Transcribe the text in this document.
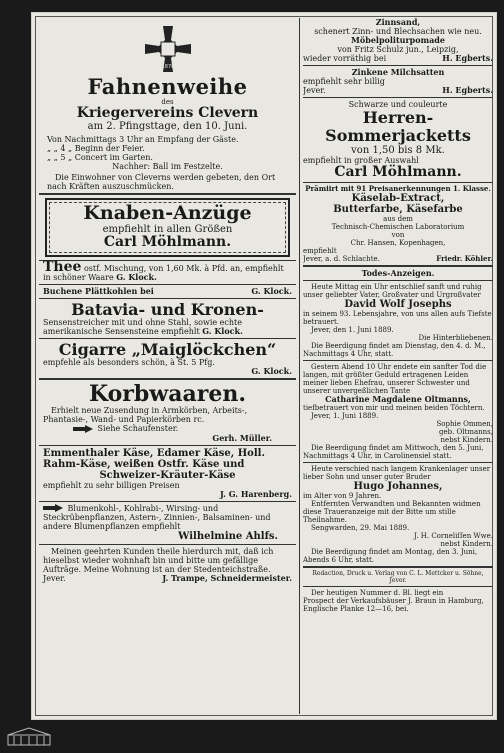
1870
Fahnenweihe
des
Kriegervereins Clevern
am 2. Pfingsttage, den 10. Juni.
Von Nachmittags 3 Uhr an Empfang der Gäste.
„ „ 4 „ Beginn der Feier.
„ „ 5 „ Concert im Garten.
Nachher: Ball im Festzelte.
Die Einwohner von Cleverns werden gebeten, den Ort nach Kräften auszuschmücken.
Knaben-Anzüge
empfiehlt in allen Größen
Carl Möhlmann.
Thee ostf. Mischung, von 1,60 Mk. à Pfd. an, empfiehlt in schöner Waare G. Klock.
Buchene Plättkohlen bei	G. Klock.
Batavia- und Kronen-
Sensenstreicher mit und ohne Stahl, sowie echte amerikanische Sensensteine empfiehlt G. Klock.
Cigarre „Maiglöckchen“
empfehle als besonders schön, à St. 5 Pfg.
G. Klock.
Korbwaaren.
Erhielt neue Zusendung in Armkörben, Arbeits-, Phantasie-, Wand- und Papierkörben rc.
Siehe Schaufenster.
Gerh. Müller.
Emmenthaler Käse, Edamer Käse, Holl.
Rahm-Käse, weißen Ostfr. Käse und
Schweizer-Kräuter-Käse
empfiehlt zu sehr billigen Preisen
J. G. Harenberg.
Blumenkohl-, Kohlrabi-, Wirsing- und Steckrübenpflanzen, Astern-, Zinnien-, Balsaminen- und andere Blumenpflanzen empfiehlt
Wilhelmine Ahlfs.
Meinen geehrten Kunden theile hierdurch mit, daß ich hieselbst wieder wohnhaft bin und bitte um gefällige Aufträge. Meine Wohnung ist an der Stedenteichstraße.
Jever.	J. Trampe, Schneidermeister.
Zinnsand,
schenert Zinn- und Blechsachen wie neu.
Möbelpoliturpomade
von Fritz Schulz jun., Leipzig,
wieder vorräthig bei	H. Egberts.
Zinkene Milchsatten
empfiehlt sehr billig
Jever.	H. Egberts.
Schwarze und couleurte
Herren-Sommerjacketts
von 1,50 bis 8 Mk.
empfiehlt in großer Auswahl
Carl Möhlmann.
Prämiirt mit 91 Preisanerkennungen 1. Klasse.
Käselab-Extract,
Butterfarbe, Käsefarbe
aus dem
Technisch-Chemischen Laboratorium
von
Chr. Hansen, Kopenhagen,
empfiehlt
Jever, a. d. Schlachte.	Friedr. Köhler.
Todes-Anzeigen.
Heute Mittag ein Uhr entschlief sanft und ruhig unser geliebter Vater, Großvater und Urgroßvater
David Wolf Josephs
in seinem 93. Lebensjahre, von uns allen aufs Tiefste betrauert.
Jever, den 1. Juni 1889.
Die Hinterbliebenen.
Die Beerdigung findet am Dienstag, den 4. d. M., Nachmittags 4 Uhr, statt.
Gestern Abend 10 Uhr endete ein sanfter Tod die langen, mit größter Geduld ertragenen Leiden meiner lieben Ehefrau, unserer Schwester und unserer unvergeßlichen Tante
Catharine Magdalene Oltmanns,
tiefbetrauert von mir und meinen beiden Töchtern.
Jever, 1. Juni 1889.
Sophie Ommen,
geb. Oltmanns,
nebst Kindern.
Die Beerdigung findet am Mittwoch, den 5. Juni, Nachmittags 4 Uhr, in Carolinensiel statt.
Heute verschied nach langem Krankenlager unser lieber Sohn und unser guter Bruder
Hugo Johannes,
im Alter von 9 Jahren.
Entfernten Verwandten und Bekannten widmen diese Traueranzeige mit der Bitte um stille Theilnahme.
Sengwarden, 29. Mai 1889.
J. H. Corneliſſen Wwe.
nebst Kindern.
Die Beerdigung findet am Montag, den 3. Juni, Abends 6 Uhr, statt.
Redaction, Druck u. Verlag von C. L. Mettcker u. Söhne, Jever.
Der heutigen Nummer d. Bl. liegt ein
Prospect der Verkaufsbäuser J. Braun in Hamburg,
Englische Planke 12—16, bei.
